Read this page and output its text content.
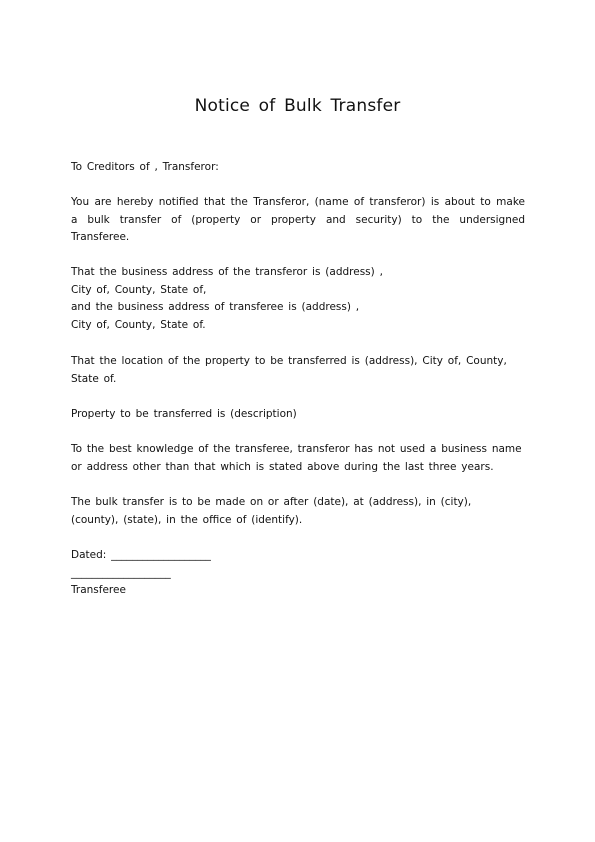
Notice of Bulk Transfer
To Creditors of , Transferor:

You are hereby notified that the Transferor, (name of transferor) is about to make a bulk transfer of (property or property and security) to the undersigned Transferee.

That the business address of the transferor is (address) ,
City of, County, State of,
and the business address of transferee is (address) ,
City of, County, State of.
That the location of the property to be transferred is (address), City of, County,
State of.
Property to be transferred is (description)
To the best knowledge of the transferee, transferor has not used a business name
or address other than that which is stated above during the last three years.
The bulk transfer is to be made on or after (date), at (address), in (city),
(county), (state), in the office of (identify).
Dated: ___________________
___________________
Transferee
